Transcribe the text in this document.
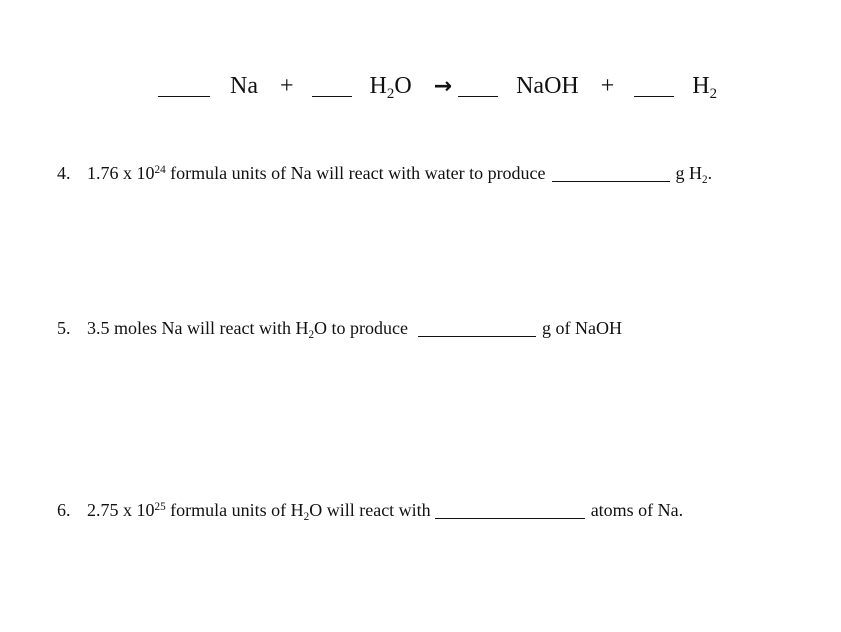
Na +	$H_2O$ →	NaOH +	$H_2$
4. 1.76 x $10^{24}$ formula units of Na will react with water to produce	g $H_2$.
5. 3.5 moles Na will react with $H_2O$ to produce	g of NaOH
6. 2.75 x $10^{25}$ formula units of $H_2O$ will react with	atoms of Na.
